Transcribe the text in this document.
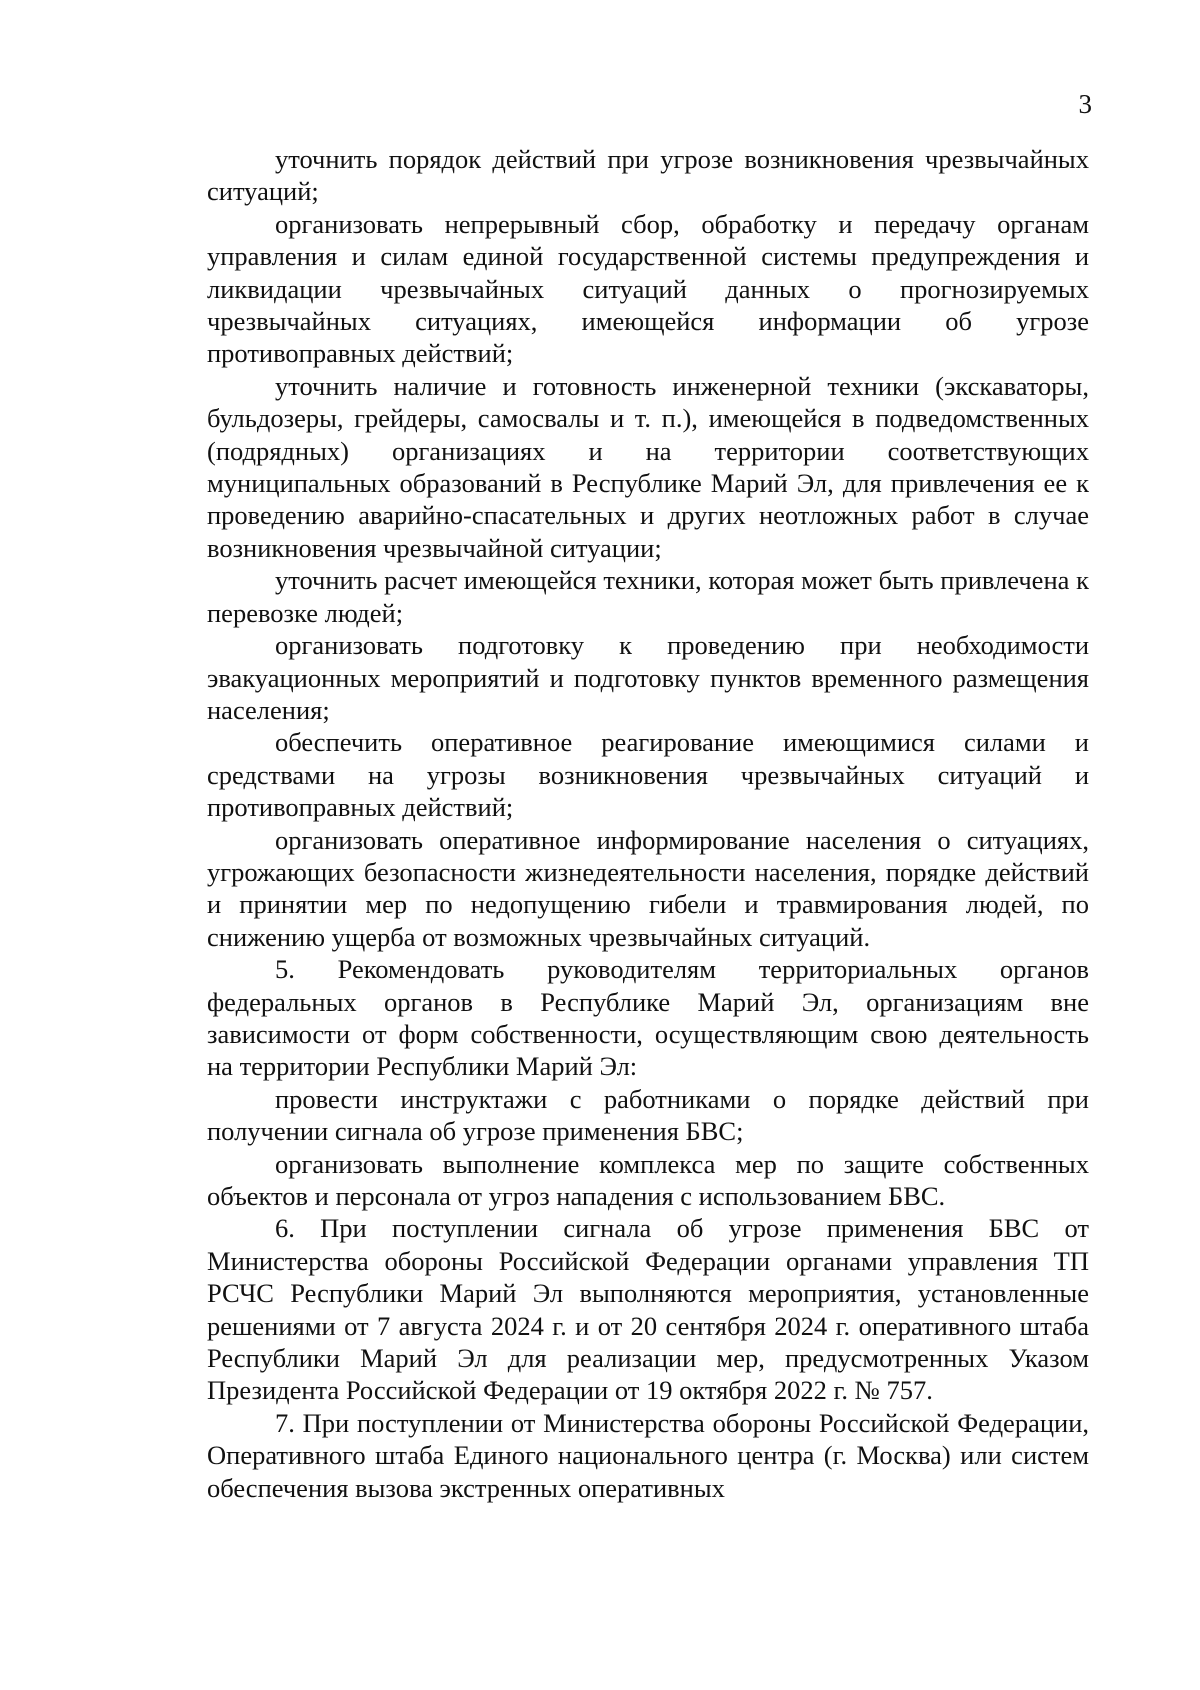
3

уточнить порядок действий при угрозе возникновения чрезвычайных ситуаций;

организовать непрерывный сбор, обработку и передачу органам управления и силам единой государственной системы предупреждения и ликвидации чрезвычайных ситуаций данных о прогнозируемых чрезвычайных ситуациях, имеющейся информации об угрозе противоправных действий;

уточнить наличие и готовность инженерной техники (экскаваторы, бульдозеры, грейдеры, самосвалы и т. п.), имеющейся в подведомственных (подрядных) организациях и на территории соответствующих муниципальных образований в Республике Марий Эл, для привлечения ее к проведению аварийно-спасательных и других неотложных работ в случае возникновения чрезвычайной ситуации;

уточнить расчет имеющейся техники, которая может быть привлечена к перевозке людей;

организовать подготовку к проведению при необходимости эвакуационных мероприятий и подготовку пунктов временного размещения населения;

обеспечить оперативное реагирование имеющимися силами и средствами на угрозы возникновения чрезвычайных ситуаций и противоправных действий;

организовать оперативное информирование населения о ситуациях, угрожающих безопасности жизнедеятельности населения, порядке действий и принятии мер по недопущению гибели и травмирования людей, по снижению ущерба от возможных чрезвычайных ситуаций.

5. Рекомендовать руководителям территориальных органов федеральных органов в Республике Марий Эл, организациям вне зависимости от форм собственности, осуществляющим свою деятельность на территории Республики Марий Эл:

провести инструктажи с работниками о порядке действий при получении сигнала об угрозе применения БВС;

организовать выполнение комплекса мер по защите собственных объектов и персонала от угроз нападения с использованием БВС.

6. При поступлении сигнала об угрозе применения БВС от Министерства обороны Российской Федерации органами управления ТП РСЧС Республики Марий Эл выполняются мероприятия, установленные решениями от 7 августа 2024 г. и от 20 сентября 2024 г. оперативного штаба Республики Марий Эл для реализации мер, предусмотренных Указом Президента Российской Федерации от 19 октября 2022 г. № 757.

7. При поступлении от Министерства обороны Российской Федерации, Оперативного штаба Единого национального центра (г. Москва) или систем обеспечения вызова экстренных оперативных
